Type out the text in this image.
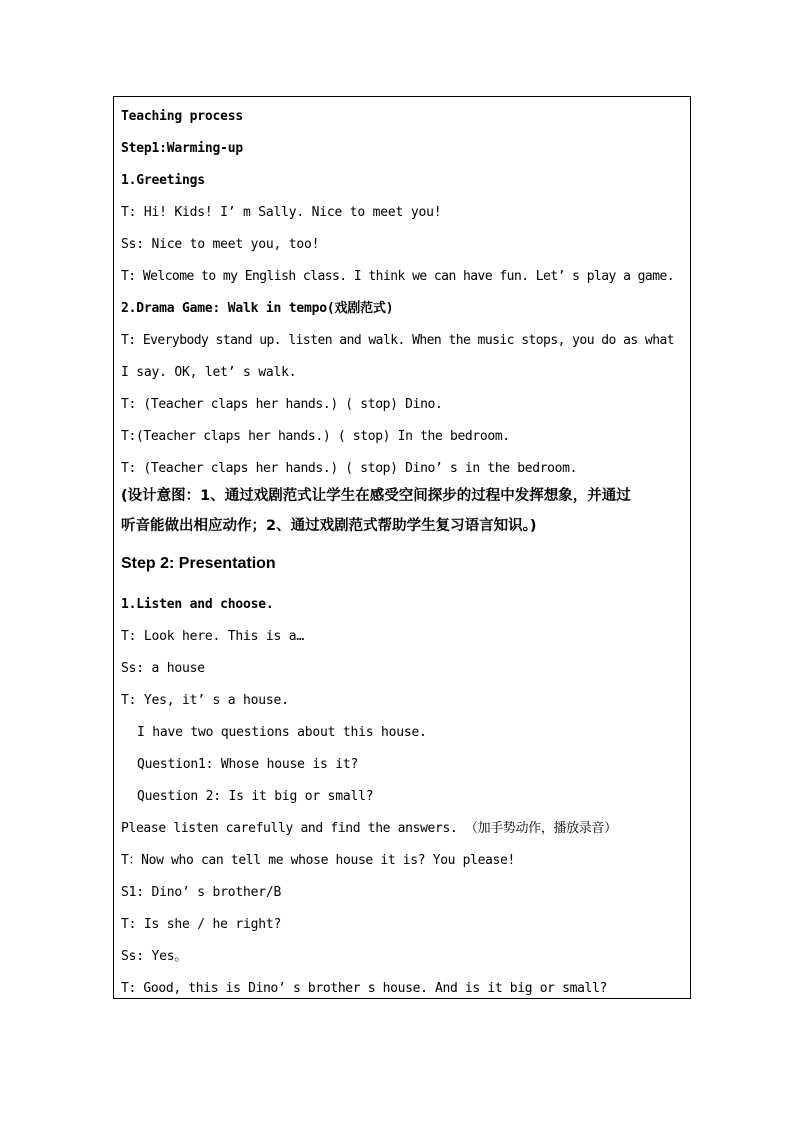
Teaching process
Step1:Warming-up
1.Greetings
T: Hi! Kids! I’ m Sally. Nice to meet you!
Ss: Nice to meet you, too!
T: Welcome to my English class. I think we can have fun. Let’ s play a game.
2.Drama Game: Walk in tempo(戏剧范式)
T: Everybody stand up. listen and walk. When the music stops, you do as what
I say. OK, let’ s walk.
T: (Teacher claps her hands.) ( stop) Dino.
T:(Teacher claps her hands.) ( stop) In the bedroom.
T: (Teacher claps her hands.) ( stop) Dino’ s in the bedroom.
(设计意图：1、通过戏剧范式让学生在感受空间探步的过程中发挥想象，并通过
听音能做出相应动作；2、通过戏剧范式帮助学生复习语言知识。)
Step 2: Presentation
1.Listen and choose.
T: Look here. This is a…
Ss: a house
T: Yes, it’ s a house.
I have two questions about this house.
Question1: Whose house is it?
Question 2: Is it big or small?
Please listen carefully and find the answers. （加手势动作，播放录音）
T：Now who can tell me whose house it is? You please!
S1: Dino’ s brother/B
T: Is she / he right?
Ss: Yes。
T: Good, this is Dino’ s brother s house. And is it big or small?
